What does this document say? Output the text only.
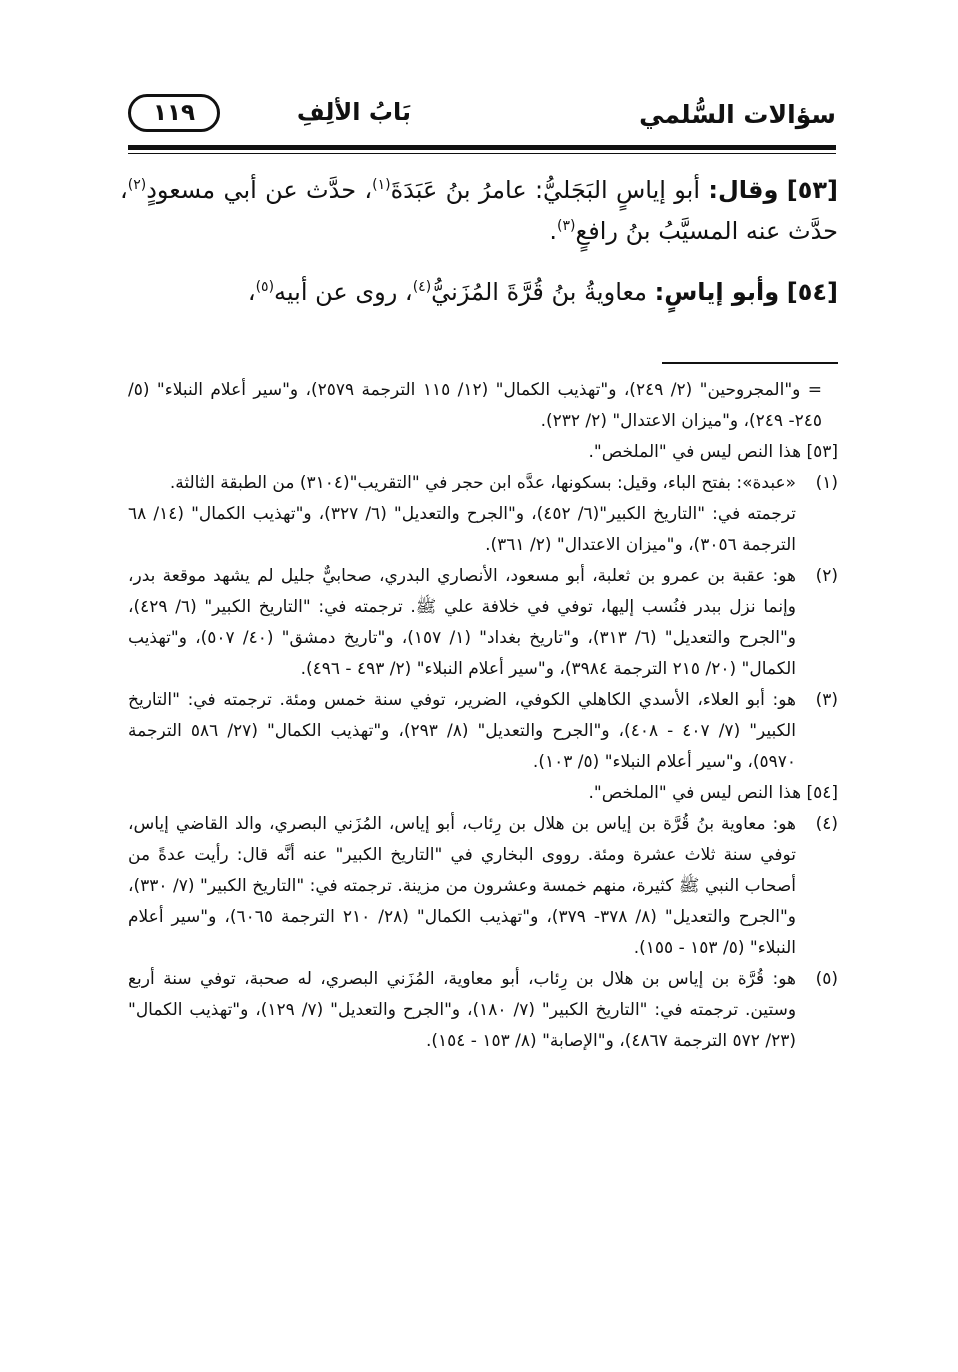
سؤالات السُّلمي
بَابُ الألِفِ
١١٩

[٥٣] وقال: أبو إياسٍ البَجَليُّ: عامرُ بنُ عَبَدَةَ$^{(١)}$، حدَّث عن أبي مسعودٍ$^{(٢)}$، حدَّث عنه المسيَّبُ بنُ رافعٍ$^{(٣)}$.

[٥٤] وأبو إياسٍ: معاويةُ بنُ قُرَّةَ المُزَنيُّ$^{(٤)}$، روى عن أبيه$^{(٥)}$،

= و"المجروحين" (٢/ ٢٤٩)، و"تهذيب الكمال" (١٢/ ١١٥ الترجمة ٢٥٧٩)، و"سير أعلام النبلاء" (٥/ ٢٤٥- ٢٤٩)، و"ميزان الاعتدال" (٢/ ٢٣٢).

[٥٣] هذا النص ليس في "الملخص".

(١)
«عبدة»: بفتح الباء، وقيل: بسكونها، عدَّه ابن حجر في "التقريب"(٣١٠٤) من الطبقة الثالثة.

ترجمته في: "التاريخ الكبير"(٦/ ٤٥٢)، و"الجرح والتعديل" (٦/ ٣٢٧)، و"تهذيب الكمال" (١٤/ ٦٨ الترجمة ٣٠٥٦)، و"ميزان الاعتدال" (٢/ ٣٦١).

(٢)
هو: عقبة بن عمرو بن ثعلبة، أبو مسعود، الأنصاري البدري، صحابيٌّ جليل لم يشهد موقعة بدر، وإنما نزل ببدر فنُسب إليها، توفي في خلافة علي ﷺ. ترجمته في: "التاريخ الكبير" (٦/ ٤٢٩)، و"الجرح والتعديل" (٦/ ٣١٣)، و"تاريخ بغداد" (١/ ١٥٧)، و"تاريخ دمشق" (٤٠/ ٥٠٧)، و"تهذيب الكمال" (٢٠/ ٢١٥ الترجمة ٣٩٨٤)، و"سير أعلام النبلاء" (٢/ ٤٩٣ - ٤٩٦).

(٣)
هو: أبو العلاء، الأسدي الكاهلي الكوفي، الضرير، توفي سنة خمس ومئة. ترجمته في: "التاريخ الكبير" (٧/ ٤٠٧ - ٤٠٨)، و"الجرح والتعديل" (٨/ ٢٩٣)، و"تهذيب الكمال" (٢٧/ ٥٨٦ الترجمة ٥٩٧٠)، و"سير أعلام النبلاء" (٥/ ١٠٣).

[٥٤] هذا النص ليس في "الملخص".

(٤)
هو: معاوية بنُ قُرَّة بن إياس بن هلال بن رِئاب، أبو إياس، المُزَني البصري، والد القاضي إياس، توفي سنة ثلاث عشرة ومئة. رووى البخاري في "التاريخ الكبير" عنه أنَّه قال: رأيت عدةً من أصحاب النبي ﷺ كثيرة، منهم خمسة وعشرون من مزينة. ترجمته في: "التاريخ الكبير" (٧/ ٣٣٠)، و"الجرح والتعديل" (٨/ ٣٧٨- ٣٧٩)، و"تهذيب الكمال" (٢٨/ ٢١٠ الترجمة ٦٠٦٥)، و"سير أعلام النبلاء" (٥/ ١٥٣ - ١٥٥).

(٥)
هو: قُرَّة بن إياس بن هلال بن رِئاب، أبو معاوية، المُزَني البصري، له صحبة، توفي سنة أربع وستين. ترجمته في: "التاريخ الكبير" (٧/ ١٨٠)، و"الجرح والتعديل" (٧/ ١٢٩)، و"تهذيب الكمال" (٢٣/ ٥٧٢ الترجمة ٤٨٦٧)، و"الإصابة" (٨/ ١٥٣ - ١٥٤).
